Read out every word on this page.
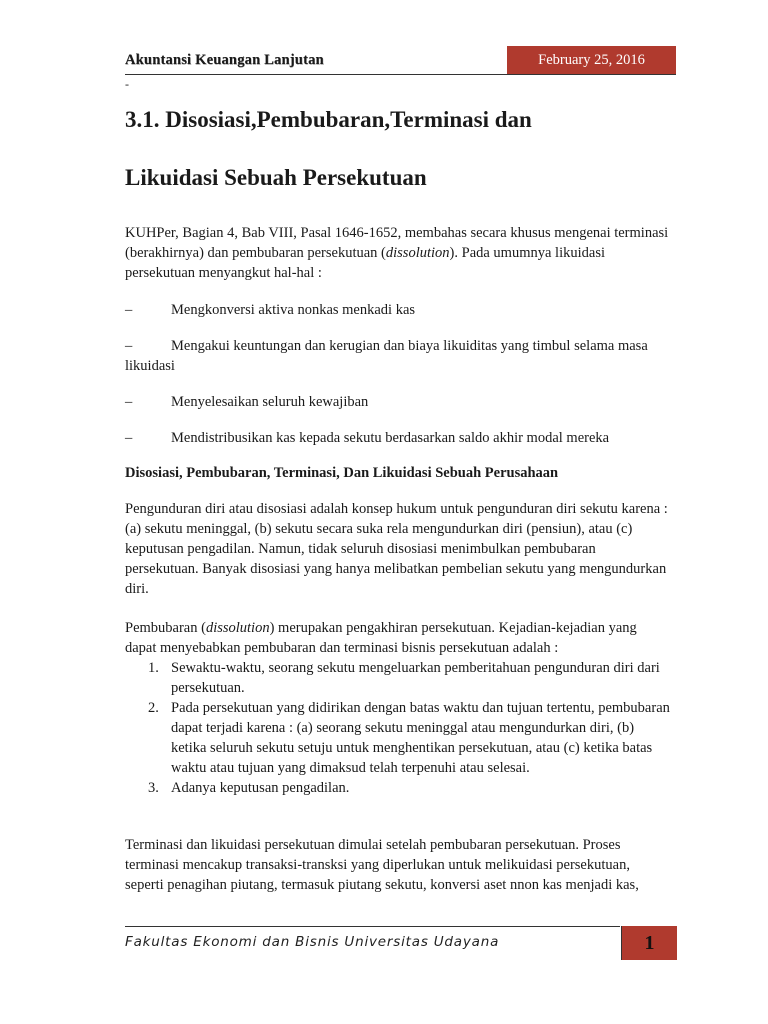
Akuntansi Keuangan Lanjutan	February 25, 2016
-
3.1. Disosiasi,Pembubaran,Terminasi dan
Likuidasi Sebuah Persekutuan

KUHPer, Bagian 4, Bab VIII, Pasal 1646-1652, membahas secara khusus mengenai terminasi (berakhirnya) dan pembubaran persekutuan (dissolution). Pada umumnya likuidasi persekutuan menyangkut hal-hal :

–	Mengkonversi aktiva nonkas menkadi kas
–	Mengakui keuntungan dan kerugian dan biaya likuiditas yang timbul selama masa likuidasi
–	Menyelesaikan seluruh kewajiban
–	Mendistribusikan kas kepada sekutu berdasarkan saldo akhir modal mereka
Disosiasi, Pembubaran, Terminasi, Dan Likuidasi Sebuah Perusahaan

Pengunduran diri atau disosiasi adalah konsep hukum untuk pengunduran diri sekutu karena : (a) sekutu meninggal, (b) sekutu secara suka rela mengundurkan diri (pensiun), atau (c) keputusan pengadilan. Namun, tidak seluruh disosiasi menimbulkan pembubaran persekutuan. Banyak disosiasi yang hanya melibatkan pembelian sekutu yang mengundurkan diri.

Pembubaran (dissolution) merupakan pengakhiran persekutuan. Kejadian-kejadian yang dapat menyebabkan pembubaran dan terminasi bisnis persekutuan adalah :

1. Sewaktu-waktu, seorang sekutu mengeluarkan pemberitahuan pengunduran diri dari persekutuan.
2. Pada persekutuan yang didirikan dengan batas waktu dan tujuan tertentu, pembubaran dapat terjadi karena : (a) seorang sekutu meninggal atau mengundurkan diri, (b) ketika seluruh sekutu setuju untuk menghentikan persekutuan, atau (c) ketika batas waktu atau tujuan yang dimaksud telah terpenuhi atau selesai.
3. Adanya keputusan pengadilan.

Terminasi dan likuidasi persekutuan dimulai setelah pembubaran persekutuan. Proses terminasi mencakup transaksi-transksi yang diperlukan untuk melikuidasi persekutuan, seperti penagihan piutang, termasuk piutang sekutu, konversi aset nnon kas menjadi kas,

Fakultas Ekonomi dan Bisnis Universitas Udayana	1
